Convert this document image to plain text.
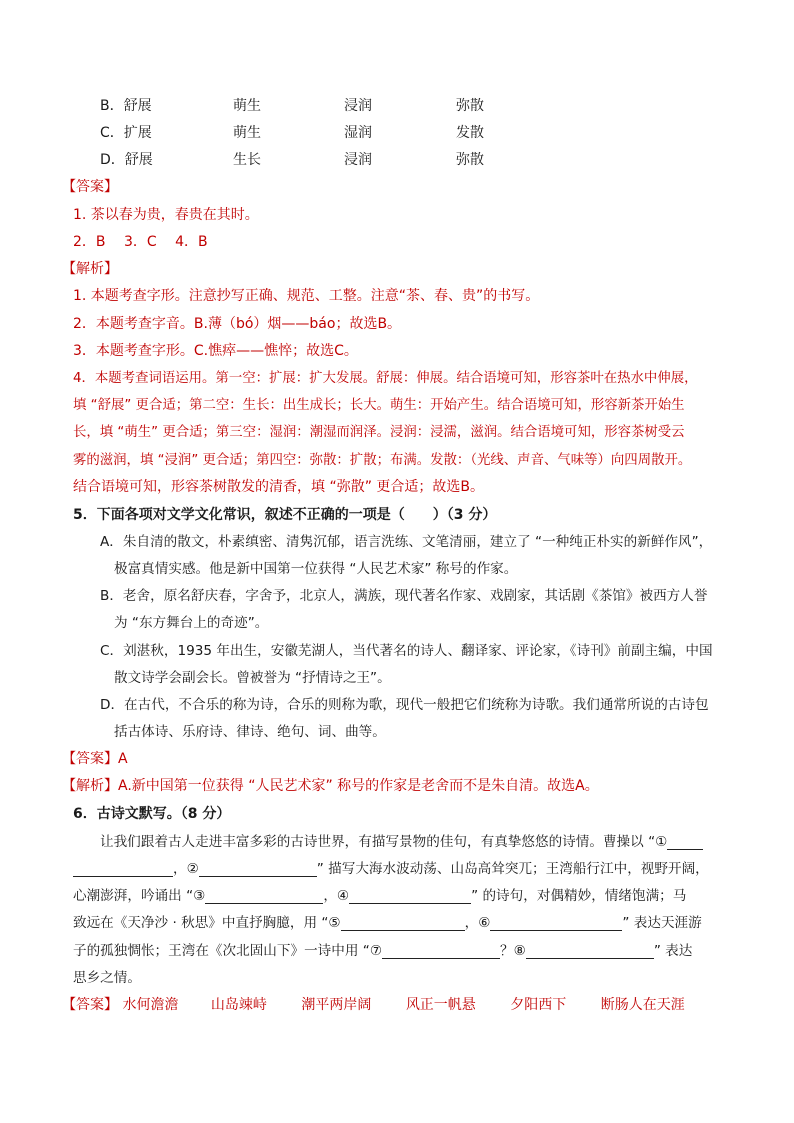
B．舒展	萌生	浸润	弥散
C．扩展	萌生	湿润	发散
D．舒展	生长	浸润	弥散
【答案】
1. 茶以春为贵，春贵在其时。
2．B　 3．C　 4．B
【解析】
1. 本题考查字形。注意抄写正确、规范、工整。注意“茶、春、贵”的书写。
2．本题考查字音。B.薄（bó）烟——báo；故选B。
3．本题考查字形。C.憔瘁——憔悴；故选C。
4．本题考查词语运用。第一空：扩展：扩大发展。舒展：伸展。结合语境可知，形容茶叶在热水中伸展，
填 “舒展” 更合适；第二空：生长：出生成长；长大。萌生：开始产生。结合语境可知，形容新茶开始生
长，填 “萌生” 更合适；第三空：湿润：潮湿而润泽。浸润：浸濡，滋润。结合语境可知，形容茶树受云
雾的滋润，填 “浸润” 更合适；第四空：弥散：扩散；布满。发散：（光线、声音、气味等）向四周散开。
结合语境可知，形容茶树散发的清香，填 “弥散” 更合适；故选B。
5．下面各项对文学文化常识，叙述不正确的一项是（　　）（3 分）
A．朱自清的散文，朴素缜密、清隽沉郁，语言洗练、文笔清丽，建立了 “一种纯正朴实的新鲜作风”，
极富真情实感。他是新中国第一位获得 “人民艺术家” 称号的作家。
B．老舍，原名舒庆春，字舍予，北京人，满族，现代著名作家、戏剧家，其话剧《茶馆》被西方人誉
为 “东方舞台上的奇迹”。
C．刘湛秋，1935 年出生，安徽芜湖人，当代著名的诗人、翻译家、评论家，《诗刊》前副主编，中国
散文诗学会副会长。曾被誉为 “抒情诗之王”。
D．在古代，不合乐的称为诗，合乐的则称为歌，现代一般把它们统称为诗歌。我们通常所说的古诗包
括古体诗、乐府诗、律诗、绝句、词、曲等。
【答案】A
【解析】A.新中国第一位获得 “人民艺术家” 称号的作家是老舍而不是朱自清。故选A。
6．古诗文默写。（8 分）
让我们跟着古人走进丰富多彩的古诗世界，有描写景物的佳句，有真挚悠悠的诗情。曹操以 “①
，②	” 描写大海水波动荡、山岛高耸突兀；王湾船行江中，视野开阔，
心潮澎湃，吟诵出 “③	，④	” 的诗句，对偶精妙，情绪饱满；马
致远在《天净沙 · 秋思》中直抒胸臆，用 “⑤	，⑥	” 表达天涯游
子的孤独惆怅；王湾在《次北固山下》一诗中用 “⑦	？⑧	” 表达
思乡之情。
【答案】 水何澹澹 山岛竦峙 潮平两岸阔 风正一帆悬 夕阳西下 断肠人在天涯
